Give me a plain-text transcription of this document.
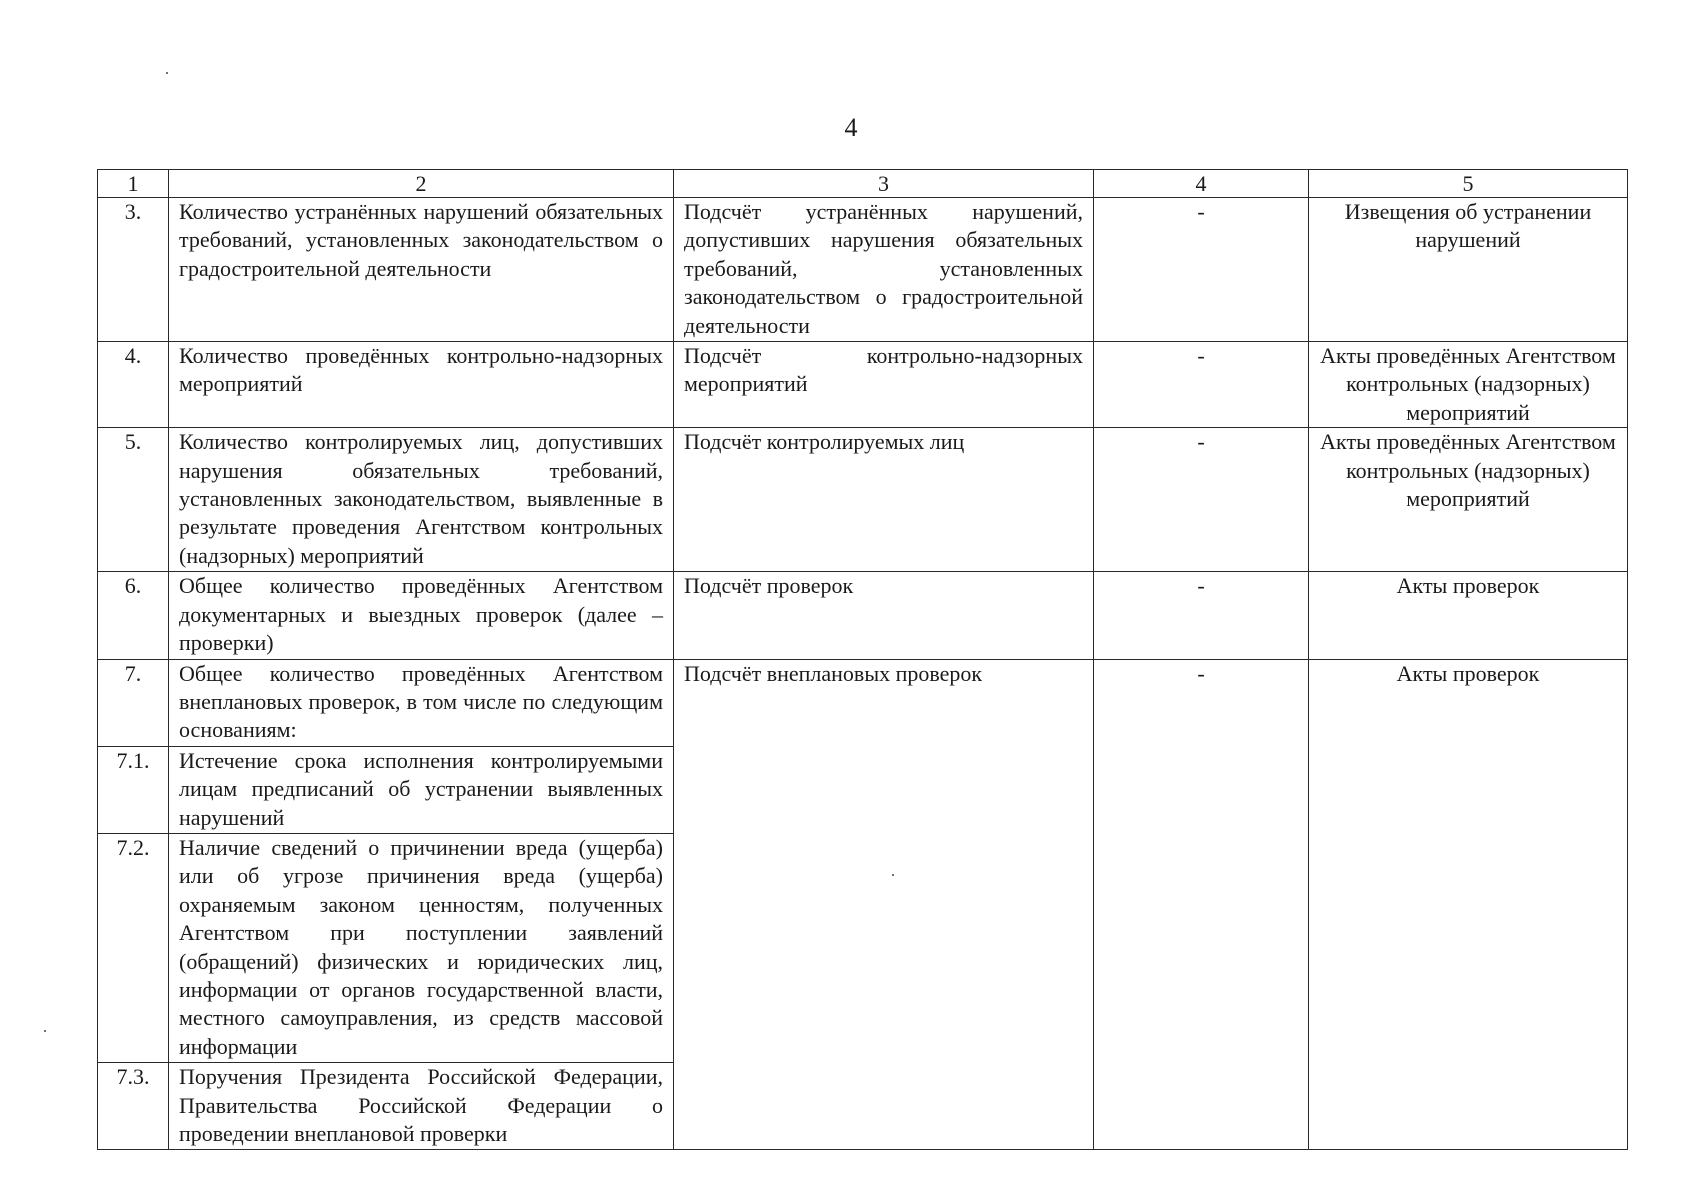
4
1	2	3	4	5
3.	Количество устранённых нарушений обязательных требований, установленных законодательством о градостроительной деятельности	Подсчёт устранённых нарушений, допустивших нарушения обязательных требований, установленных законодательством о градостроительной деятельности	-	Извещения об устранении нарушений
4.	Количество проведённых контрольно-надзорных мероприятий	Подсчёт контрольно-надзорных мероприятий	-	Акты проведённых Агентством контрольных (надзорных) мероприятий
5.	Количество контролируемых лиц, допустивших нарушения обязательных требований, установленных законодательством, выявленные в результате проведения Агентством контрольных (надзорных) мероприятий	Подсчёт контролируемых лиц	-	Акты проведённых Агентством контрольных (надзорных) мероприятий
6.	Общее количество проведённых Агентством документарных и выездных проверок (далее – проверки)	Подсчёт проверок	-	Акты проверок
7.	Общее количество проведённых Агентством внеплановых проверок, в том числе по следующим основаниям:	Подсчёт внеплановых проверок	-	Акты проверок
7.1.	Истечение срока исполнения контролируемыми лицам предписаний об устранении выявленных нарушений			
7.2.	Наличие сведений о причинении вреда (ущерба) или об угрозе причинения вреда (ущерба) охраняемым законом ценностям, полученных Агентством при поступлении заявлений (обращений) физических и юридических лиц, информации от органов государственной власти, местного самоуправления, из средств массовой информации			
7.3.	Поручения Президента Российской Федерации, Правительства Российской Федерации о проведении внеплановой проверки			
